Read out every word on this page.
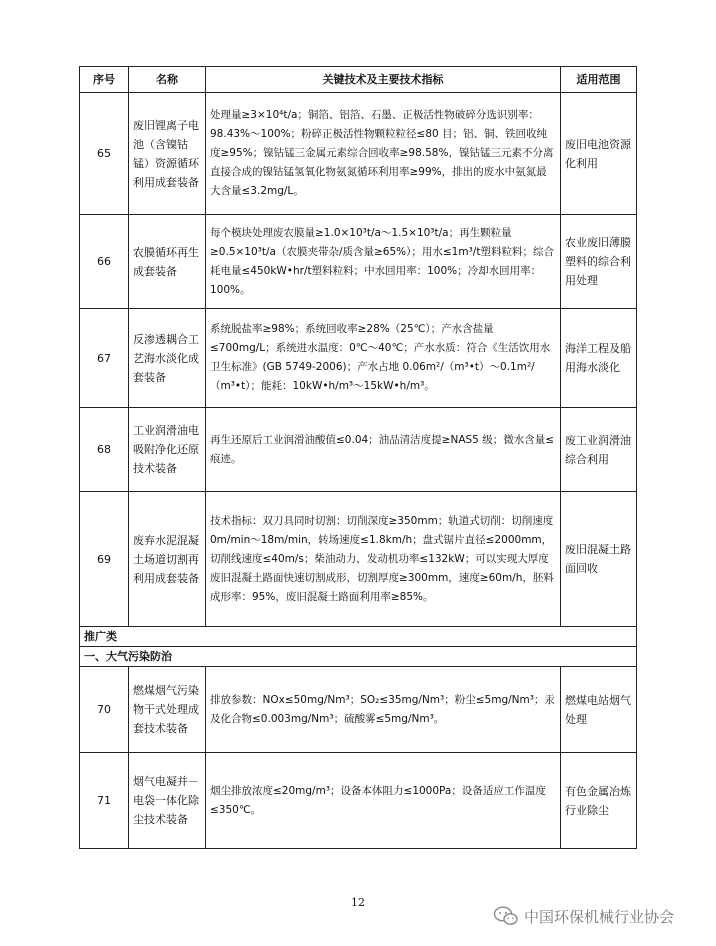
序号	名称	关键技术及主要技术指标	适用范围
65	废旧锂离子电池（含镍钴锰）资源循环利用成套装备	处理量≥3×10⁴t/a；铜箔、铝箔、石墨、正极活性物破碎分选识别率：98.43%～100%；粉碎正极活性物颗粒粒径≤80 目；铝、铜、铁回收纯度≥95%；镍钴锰三金属元素综合回收率≥98.58%，镍钴锰三元素不分离直接合成的镍钴锰氢氧化物氨氮循环利用率≥99%，排出的废水中氨氮最大含量≤3.2mg/L。	废旧电池资源化利用
66	农膜循环再生成套装备	每个模块处理废农膜量≥1.0×10³t/a～1.5×10³t/a；再生颗粒量≥0.5×10³t/a（农膜夹带杂/质含量≥65%）；用水≤1m³/t塑料粒料；综合耗电量≤450kW•hr/t塑料粒料；中水回用率：100%；冷却水回用率：100%。	农业废旧薄膜塑料的综合利用处理
67	反渗透耦合工艺海水淡化成套装备	系统脱盐率≥98%；系统回收率≥28%（25℃）；产水含盐量≤700mg/L；系统进水温度：0℃～40℃；产水水质：符合《生活饮用水卫生标准》(GB 5749-2006)；产水占地 0.06m²/（m³•t）～0.1m²/（m³•t）；能耗：10kW•h/m³～15kW•h/m³。	海洋工程及船用海水淡化
68	工业润滑油电吸附净化还原技术装备	再生还原后工业润滑油酸值≤0.04；油品清洁度提≥NAS5 级；微水含量≤痕迹。	废工业润滑油综合利用
69	废弃水泥混凝土场道切割再利用成套装备	技术指标：双刀具同时切割：切削深度≥350mm；轨道式切削：切削速度 0m/min～18m/min，转场速度≤1.8km/h；盘式锯片直径≤2000mm，切削线速度≤40m/s；柴油动力，发动机功率≤132kW；可以实现大厚度废旧混凝土路面快速切割成形，切割厚度≥300mm，速度≥60m/h，胚料成形率：95%，废旧混凝土路面利用率≥85%。	废旧混凝土路面回收
推广类			
一、大气污染防治			
70	燃煤烟气污染物干式处理成套技术装备	排放参数：NOx≤50mg/Nm³；SO₂≤35mg/Nm³；粉尘≤5mg/Nm³；汞及化合物≤0.003mg/Nm³；硫酸雾≤5mg/Nm³。	燃煤电站烟气处理
71	烟气电凝并－电袋一体化除尘技术装备	烟尘排放浓度≤20mg/m³；设备本体阻力≤1000Pa；设备适应工作温度≤350℃。	有色金属冶炼行业除尘
12
中国环保机械行业协会
